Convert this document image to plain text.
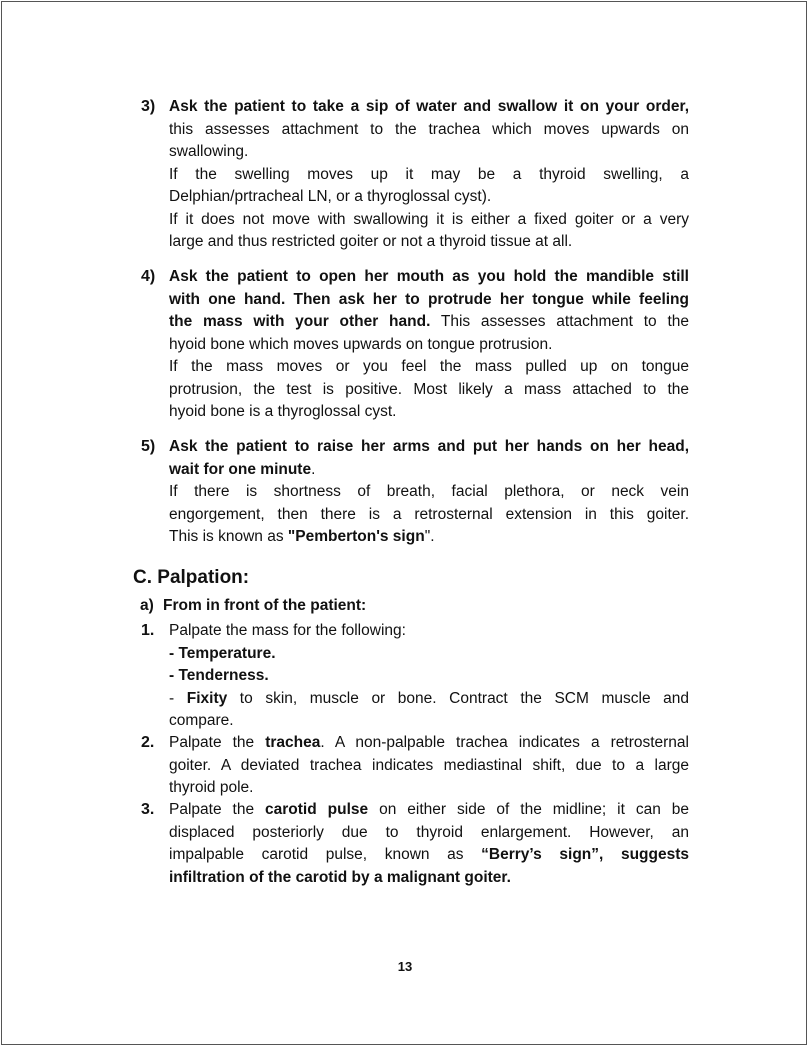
3) Ask the patient to take a sip of water and swallow it on your order,
this assesses attachment to the trachea which moves upwards on
swallowing.
If the swelling moves up it may be a thyroid swelling, a
Delphian/prtracheal LN, or a thyroglossal cyst).
If it does not move with swallowing it is either a fixed goiter or a very
large and thus restricted goiter or not a thyroid tissue at all.
4) Ask the patient to open her mouth as you hold the mandible still
with one hand. Then ask her to protrude her tongue while feeling
the mass with your other hand. This assesses attachment to the
hyoid bone which moves upwards on tongue protrusion.
If the mass moves or you feel the mass pulled up on tongue
protrusion, the test is positive. Most likely a mass attached to the
hyoid bone is a thyroglossal cyst.
5) Ask the patient to raise her arms and put her hands on her head,
wait for one minute.
If there is shortness of breath, facial plethora, or neck vein
engorgement, then there is a retrosternal extension in this goiter.
This is known as "Pemberton's sign".
C. Palpation:
a) From in front of the patient:
1. Palpate the mass for the following:
- Temperature.
- Tenderness.
- Fixity to skin, muscle or bone. Contract the SCM muscle and
compare.
2. Palpate the trachea. A non-palpable trachea indicates a retrosternal
goiter. A deviated trachea indicates mediastinal shift, due to a large
thyroid pole.
3. Palpate the carotid pulse on either side of the midline; it can be
displaced posteriorly due to thyroid enlargement. However, an
impalpable carotid pulse, known as “Berry’s sign”, suggests
infiltration of the carotid by a malignant goiter.
13
